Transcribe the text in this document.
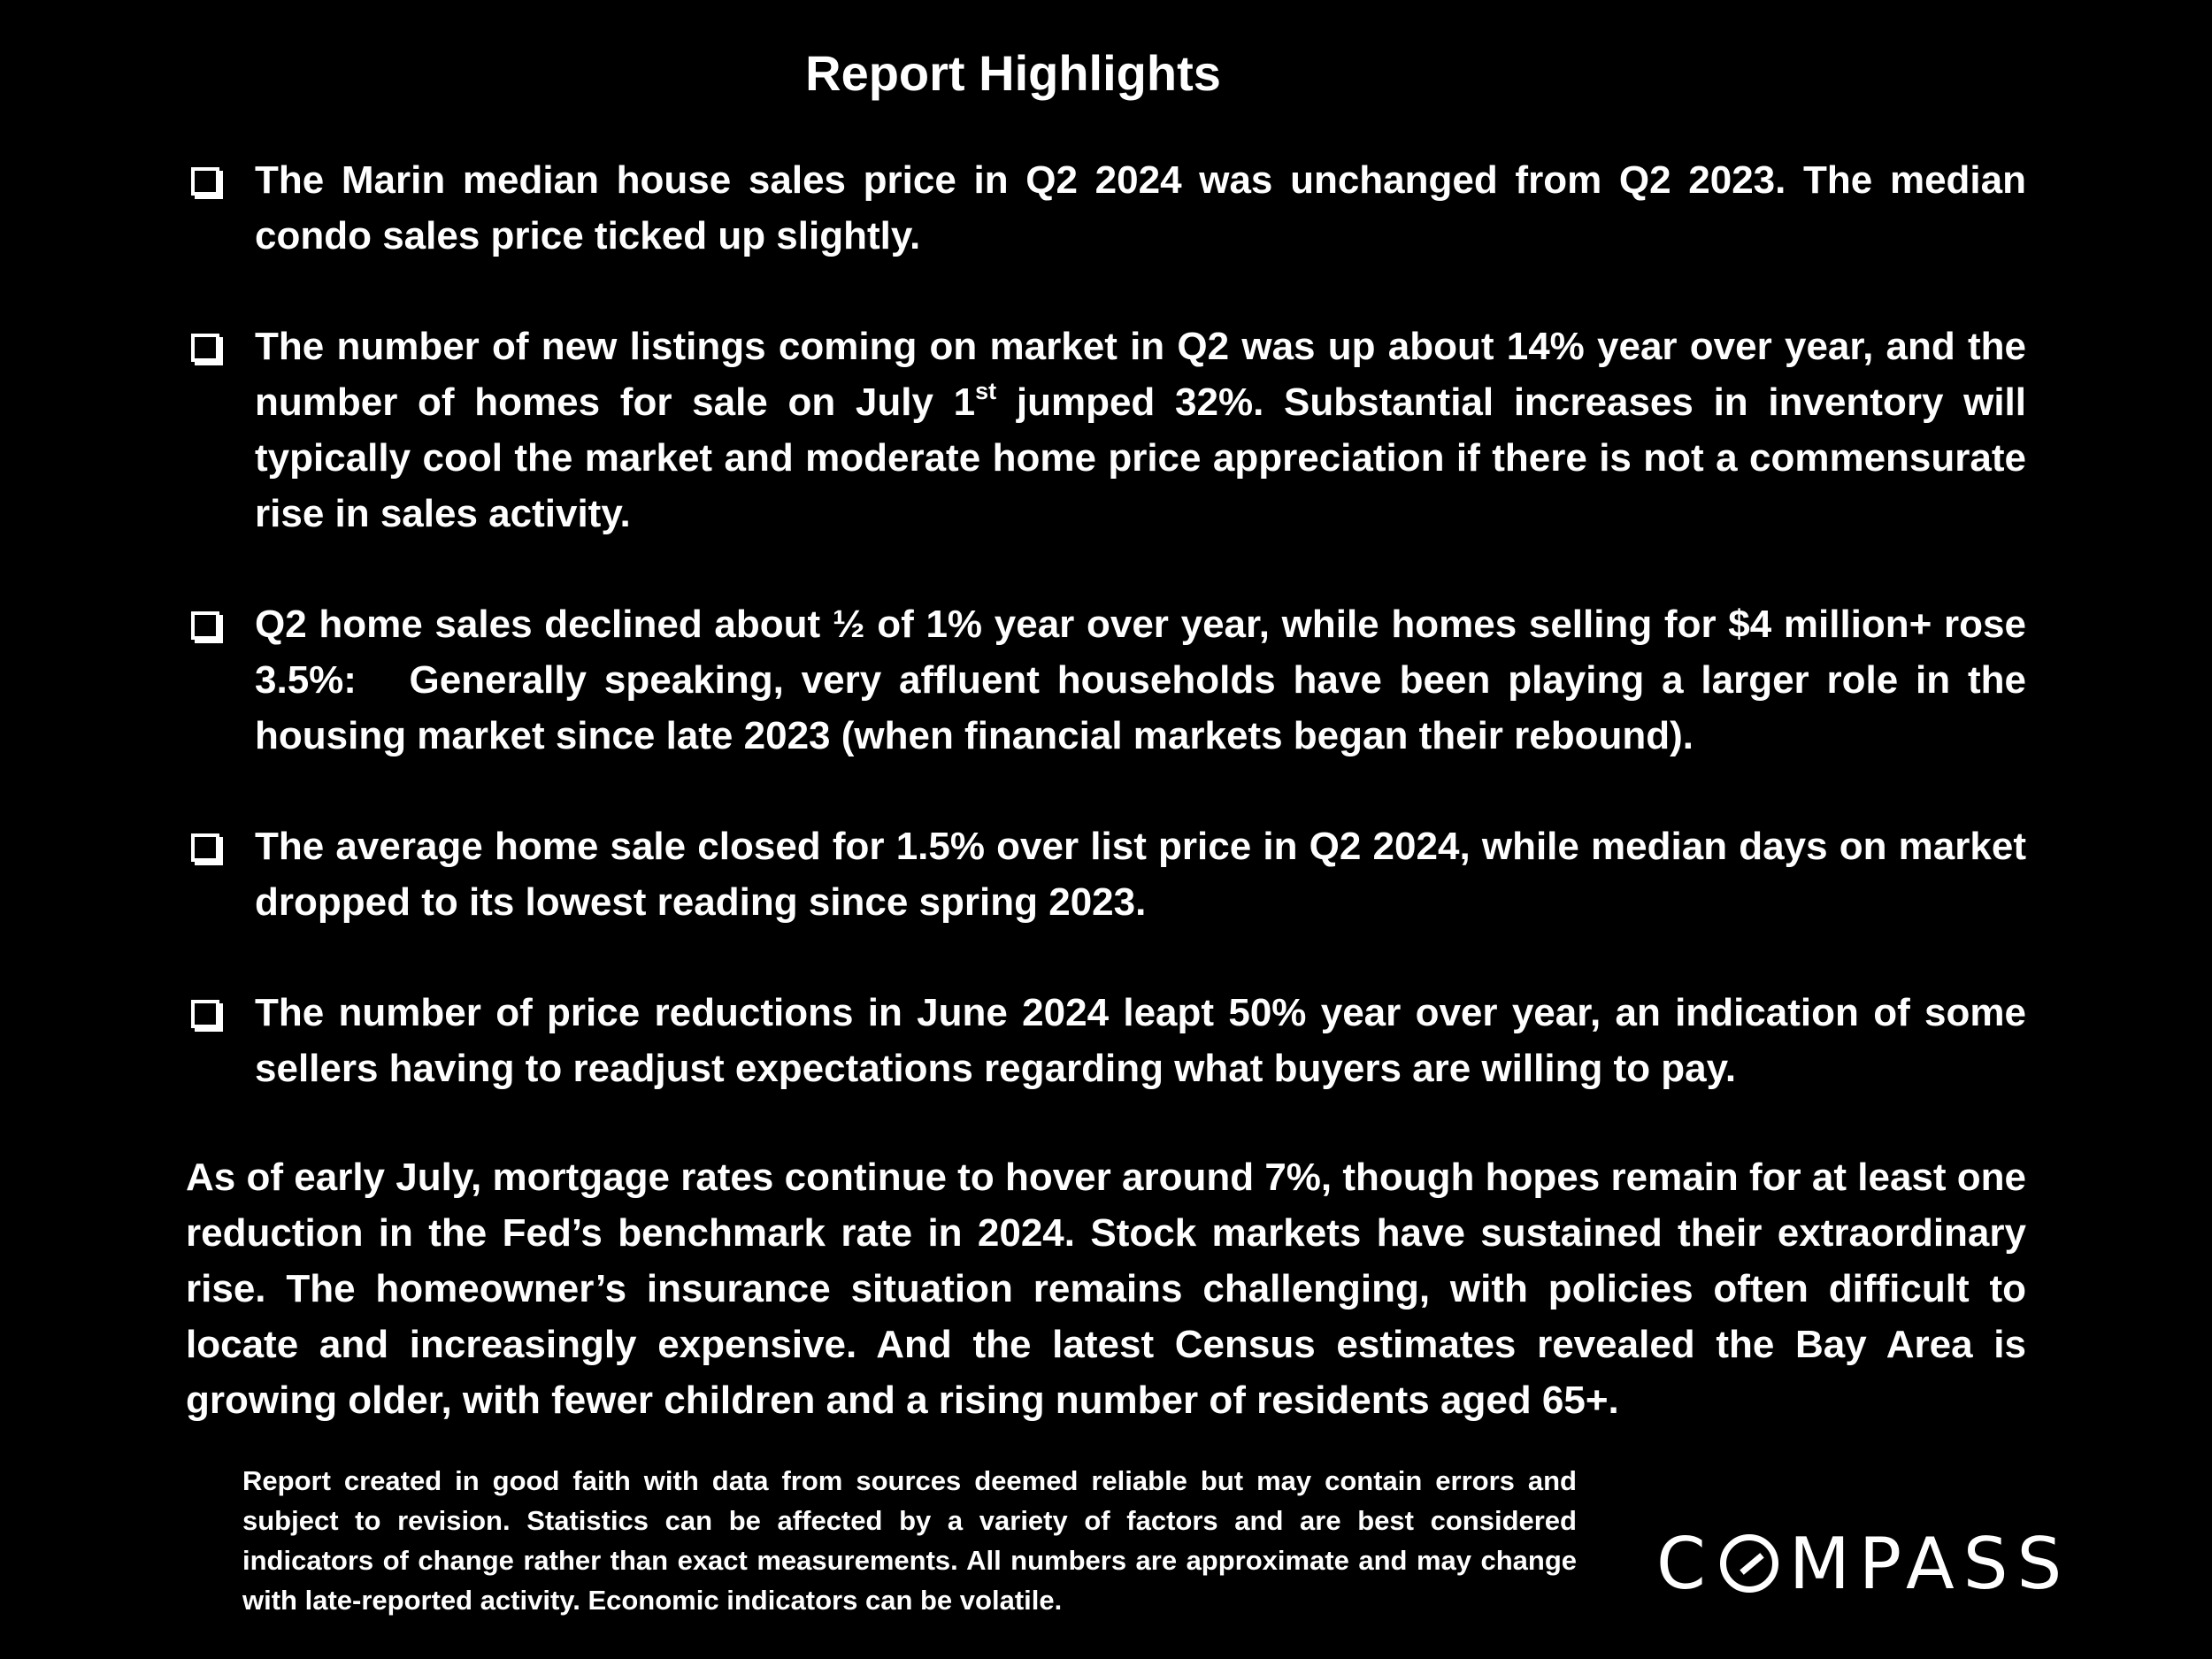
Report Highlights
The Marin median house sales price in Q2 2024 was unchanged from Q2 2023. The median condo sales price ticked up slightly.
The number of new listings coming on market in Q2 was up about 14% year over year, and the number of homes for sale on July 1st jumped 32%. Substantial increases in inventory will typically cool the market and moderate home price appreciation if there is not a commensurate rise in sales activity.
Q2 home sales declined about ½ of 1% year over year, while homes selling for $4 million+ rose 3.5%:   Generally speaking, very affluent households have been playing a larger role in the housing market since late 2023 (when financial markets began their rebound).
The average home sale closed for 1.5% over list price in Q2 2024, while median days on market dropped to its lowest reading since spring 2023.
The number of price reductions in June 2024 leapt 50% year over year, an indication of some sellers having to readjust expectations regarding what buyers are willing to pay.

As of early July, mortgage rates continue to hover around 7%, though hopes remain for at least one reduction in the Fed’s benchmark rate in 2024. Stock markets have sustained their extraordinary rise. The homeowner’s insurance situation remains challenging, with policies often difficult to locate and increasingly expensive. And the latest Census estimates revealed the Bay Area is growing older, with fewer children and a rising number of residents aged 65+.

Report created in good faith with data from sources deemed reliable but may contain errors and subject to revision. Statistics can be affected by a variety of factors and are best considered indicators of change rather than exact measurements. All numbers are approximate and may change with late-reported activity. Economic indicators can be volatile.	C MPASS
